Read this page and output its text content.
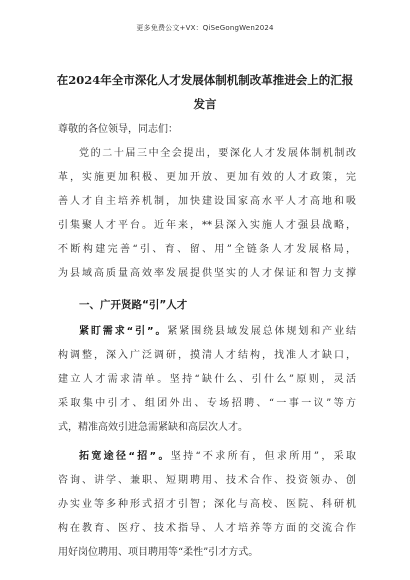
更多免费公文+VX：QiSeGongWen2024
在2024年全市深化人才发展体制机制改革推进会上的汇报
发言
尊敬的各位领导，同志们：
党的二十届三中全会提出，要深化人才发展体制机制改
革，实施更加积极、更加开放、更加有效的人才政策，完
善人才自主培养机制，加快建设国家高水平人才高地和吸
引集聚人才平台。近年来，**县深入实施人才强县战略，
不断构建完善“引、育、留、用”全链条人才发展格局，
为县域高质量高效率发展提供坚实的人才保证和智力支撑
一、广开贤路“引”人才
紧盯需求“引”。紧紧围绕县域发展总体规划和产业结
构调整，深入广泛调研，摸清人才结构，找准人才缺口，
建立人才需求清单。坚持“缺什么、引什么”原则，灵活
采取集中引才、组团外出、专场招聘、“一事一议”等方
式，精准高效引进急需紧缺和高层次人才。
拓宽途径“招”。坚持“不求所有，但求所用”，采取
咨询、讲学、兼职、短期聘用、技术合作、投资领办、创
办实业等多种形式招才引智；深化与高校、医院、科研机
构在教育、医疗、技术指导、人才培养等方面的交流合作
用好岗位聘用、项目聘用等“柔性”引才方式。
